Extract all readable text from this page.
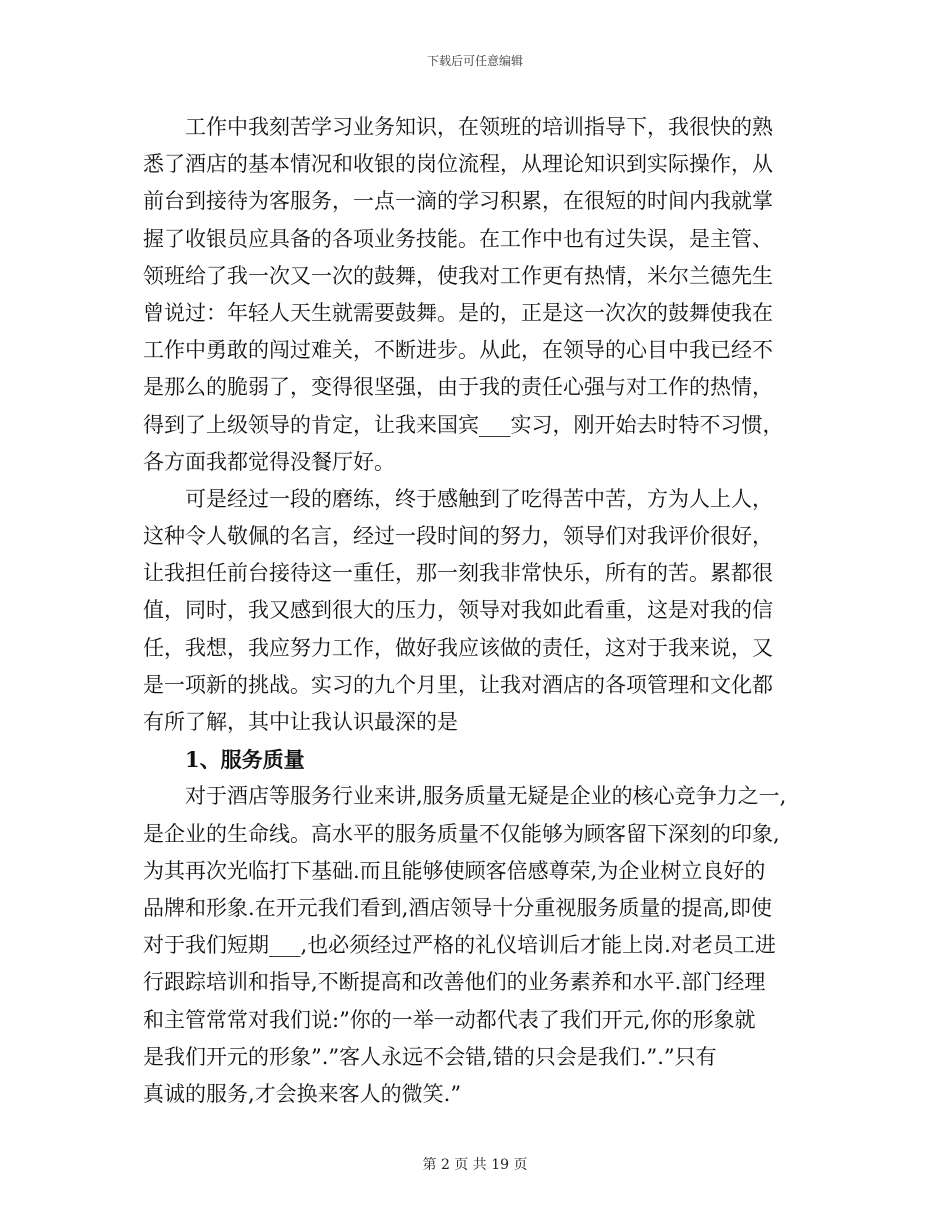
下载后可任意编辑
工作中我刻苦学习业务知识，在领班的培训指导下，我很快的熟
悉了酒店的基本情况和收银的岗位流程，从理论知识到实际操作，从
前台到接待为客服务，一点一滴的学习积累，在很短的时间内我就掌
握了收银员应具备的各项业务技能。在工作中也有过失误，是主管、
领班给了我一次又一次的鼓舞，使我对工作更有热情，米尔兰德先生
曾说过：年轻人天生就需要鼓舞。是的，正是这一次次的鼓舞使我在
工作中勇敢的闯过难关，不断进步。从此，在领导的心目中我已经不
是那么的脆弱了，变得很坚强，由于我的责任心强与对工作的热情，
得到了上级领导的肯定，让我来国宾___实习，刚开始去时特不习惯，
各方面我都觉得没餐厅好。
可是经过一段的磨练，终于感触到了吃得苦中苦，方为人上人，
这种令人敬佩的名言，经过一段时间的努力，领导们对我评价很好，
让我担任前台接待这一重任，那一刻我非常快乐，所有的苦。累都很
值，同时，我又感到很大的压力，领导对我如此看重，这是对我的信
任，我想，我应努力工作，做好我应该做的责任，这对于我来说，又
是一项新的挑战。实习的九个月里，让我对酒店的各项管理和文化都
有所了解，其中让我认识最深的是
1、服务质量
对于酒店等服务行业来讲,服务质量无疑是企业的核心竞争力之一,
是企业的生命线。高水平的服务质量不仅能够为顾客留下深刻的印象,
为其再次光临打下基础.而且能够使顾客倍感尊荣,为企业树立良好的
品牌和形象.在开元我们看到,酒店领导十分重视服务质量的提高,即使
对于我们短期___,也必须经过严格的礼仪培训后才能上岗.对老员工进
行跟踪培训和指导,不断提高和改善他们的业务素养和水平.部门经理
和主管常常对我们说:”你的一举一动都代表了我们开元,你的形象就
是我们开元的形象”.”客人永远不会错,错的只会是我们.”.”只有
真诚的服务,才会换来客人的微笑.”
第 2 页 共 19 页
